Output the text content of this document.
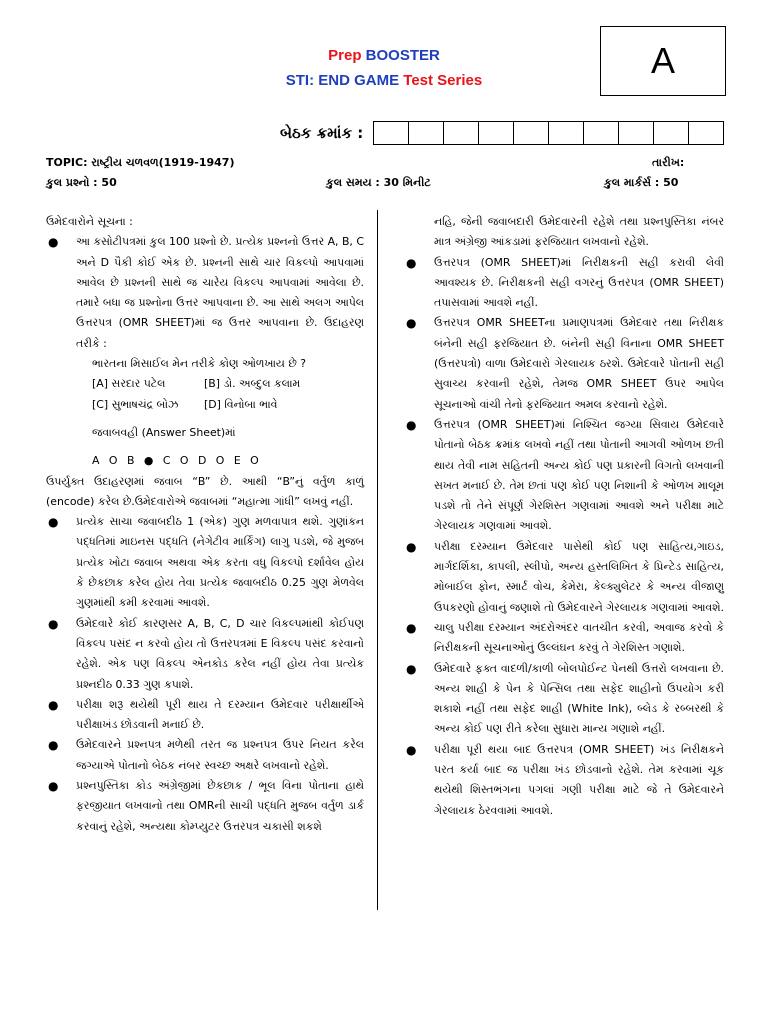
Prep BOOSTER
STI: END GAME Test Series	A
બેઠક ક્રમાંક :
TOPIC: રાષ્ટ્રીય ચળવળ(1919-1947)	તારીખ:
કુલ પ્રશ્નો : 50	કુલ સમય : 30 મિનીટ	કુલ માર્કર્સ : 50

ઉમેદવારોને સૂચના :

● આ કસોટીપત્રમાં કુલ 100 પ્રશ્નો છે. પ્રત્યેક પ્રશ્નનો ઉત્તર A, B, C અને D પૈકી કોઈ એક છે. પ્રશ્નની સાથે ચાર વિકલ્પો આપવામાં આવેલ છે પ્રશ્નની સાથે જ ચારેય વિકલ્પ આપવામાં આવેલા છે. તમારે બધા જ પ્રશ્નોના ઉત્તર આપવાના છે. આ સાથે અલગ આપેલ ઉત્તરપત્ર (OMR SHEET)માં જ ઉત્તર આપવાના છે. ઉદાહરણ તરીકે :

ભારતના મિસાઈલ મેન તરીકે કોણ ઓળખાય છે ?

[A] સરદાર પટેલ	[B] ડો. અબ્દુલ કલામ
[C] સુભાષચંદ્ર બોઝ	[D] વિનોબા ભાવે

જવાબવહી (Answer Sheet)માં

A O B ● C O D O E O

ઉપર્યુક્ત ઉદાહરણમાં જવાબ “B” છે. આથી “B”નું વર્તુળ કાળું (encode) કરેલ છે.ઉમેદવારોએ જવાબમાં “મહાત્મા ગાંધી” લખવું નહીં.

● પ્રત્યેક સાચા જવાબદીઠ 1 (એક) ગુણ મળવાપાત્ર થશે. ગુણાંકન પદ્ધતિમાં માઇનસ પદ્ધતિ (નેગેટીવ માર્કિંગ) લાગુ પડશે, જે મુજબ પ્રત્યેક ખોટા જવાબ અથવા એક કરતા વધુ વિકલ્પો દર્શાવેલ હોય કે છેકછાક કરેલ હોય તેવા પ્રત્યેક જવાબદીઠ 0.25 ગુણ મેળવેલ ગુણમાંથી કમી કરવામાં આવશે.

● ઉમેદવારે કોઈ કારણસર A, B, C, D ચાર વિકલ્પમાંથી કોઈપણ વિકલ્પ પસંદ ન કરવો હોય તો ઉત્તરપત્રમાં E વિકલ્પ પસંદ કરવાનો રહેશે. એક પણ વિકલ્પ એનકોડ કરેલ નહીં હોય તેવા પ્રત્યેક પ્રશ્નદીઠ 0.33 ગુણ કપાશે.

● પરીક્ષા શરૂ થયેથી પૂરી થાય તે દરમ્યાન ઉમેદવાર પરીક્ષાર્થીએ પરીક્ષાખંડ છોડવાની મનાઈ છે.

● ઉમેદવારને પ્રશ્નપત્ર મળેથી તરત જ પ્રશ્નપત્ર ઉપર નિયત કરેલ જગ્યાએ પોતાનો બેઠક નંબર સ્વચ્છ અક્ષરે લખવાનો રહેશે.

● પ્રશ્નપુસ્તિકા કોડ અંગ્રેજીમાં છેકછાક / ભૂલ વિના પોતાના હાથે ફરજીયાત લખવાનો તથા OMRની સાચી પદ્ધતિ મુજબ વર્તુળ ડાર્ક કરવાનું રહેશે, અન્યથા કોમ્પ્યુટર ઉત્તરપત્ર ચકાસી શકશે

નહિ, જેની જવાબદારી ઉમેદવારની રહેશે તથા પ્રશ્નપુસ્તિકા નંબર માત્ર અંગ્રેજી આંકડામાં ફરજિયાત લખવાનો રહેશે.

● ઉત્તરપત્ર (OMR SHEET)માં નિરીક્ષકની સહી કરાવી લેવી આવશ્યક છે. નિરીક્ષકની સહી વગરનું ઉત્તરપત્ર (OMR SHEET) તપાસવામાં આવશે નહીં.

● ઉત્તરપત્ર OMR SHEETના પ્રમાણપત્રમાં ઉમેદવાર તથા નિરીક્ષક બંનેની સહી ફરજિયાત છે. બંનેની સહી વિનાના OMR SHEET (ઉત્તરપત્રો) વાળા ઉમેદવારો ગેરલાયક ઠરશે. ઉમેદવારે પોતાની સહી સુવાચ્ય કરવાની રહેશે, તેમજ OMR SHEET ઉપર આપેલ સૂચનાઓ વાંચી તેનો ફરજિયાત અમલ કરવાનો રહેશે.

● ઉત્તરપત્ર (OMR SHEET)માં નિશ્ચિત જગ્યા સિવાય ઉમેદવારે પોતાનો બેઠક ક્રમાંક લખવો નહીં તથા પોતાની આગવી ઓળખ છતી થાય તેવી નામ સહિતની અન્ય કોઈ પણ પ્રકારની વિગતો લખવાની સખત મનાઈ છે. તેમ છતાં પણ કોઈ પણ નિશાની કે ઓળખ માલૂમ પડશે તો તેને સંપૂર્ણ ગેરશિસ્ત ગણવામાં આવશે અને પરીક્ષા માટે ગેરલાયક ગણવામાં આવશે.

● પરીક્ષા દરમ્યાન ઉમેદવાર પાસેથી કોઈ પણ સાહિત્ય,ગાઇડ, માર્ગદર્શિકા, કાપલી, સ્લીપો, અન્ય હસ્તલિખિત કે પ્રિન્ટેડ સાહિત્ય, મોબાઈલ ફોન, સ્માર્ટ વોચ, કેમેરા, કેલ્ક્યુલેટર કે અન્ય વીજાણુ ઉપકરણો હોવાનું જણાશે તો ઉમેદવારને ગેરલાયક ગણવામાં આવશે.

● ચાલુ પરીક્ષા દરમ્યાન અંદરોઅંદર વાતચીત કરવી, અવાજ કરવો કે નિરીક્ષકની સૂચનાઓનું ઉલ્લંઘન કરવું તે ગેરશિસ્ત ગણાશે.

● ઉમેદવારે ફક્ત વાદળી/કાળી બોલપોઈન્ટ પેનથી ઉત્તરો લખવાના છે. અન્ય શાહી કે પેન કે પેન્સિલ તથા સફેદ શાહીનો ઉપયોગ કરી શકાશે નહીં તથા સફેદ શાહી (White Ink), બ્લેડ કે રબ્બરથી કે અન્ય કોઈ પણ રીતે કરેલા સુધારા માન્ય ગણાશે નહીં.

● પરીક્ષા પૂરી થયા બાદ ઉત્તરપત્ર (OMR SHEET) ખંડ નિરીક્ષકને પરત કર્યા બાદ જ પરીક્ષા ખંડ છોડવાનો રહેશે. તેમ કરવામાં ચૂક થયેથી શિસ્તભંગના પગલાં ગણી પરીક્ષા માટે જે તે ઉમેદવારને ગેરલાયક ઠેરવવામાં આવશે.
